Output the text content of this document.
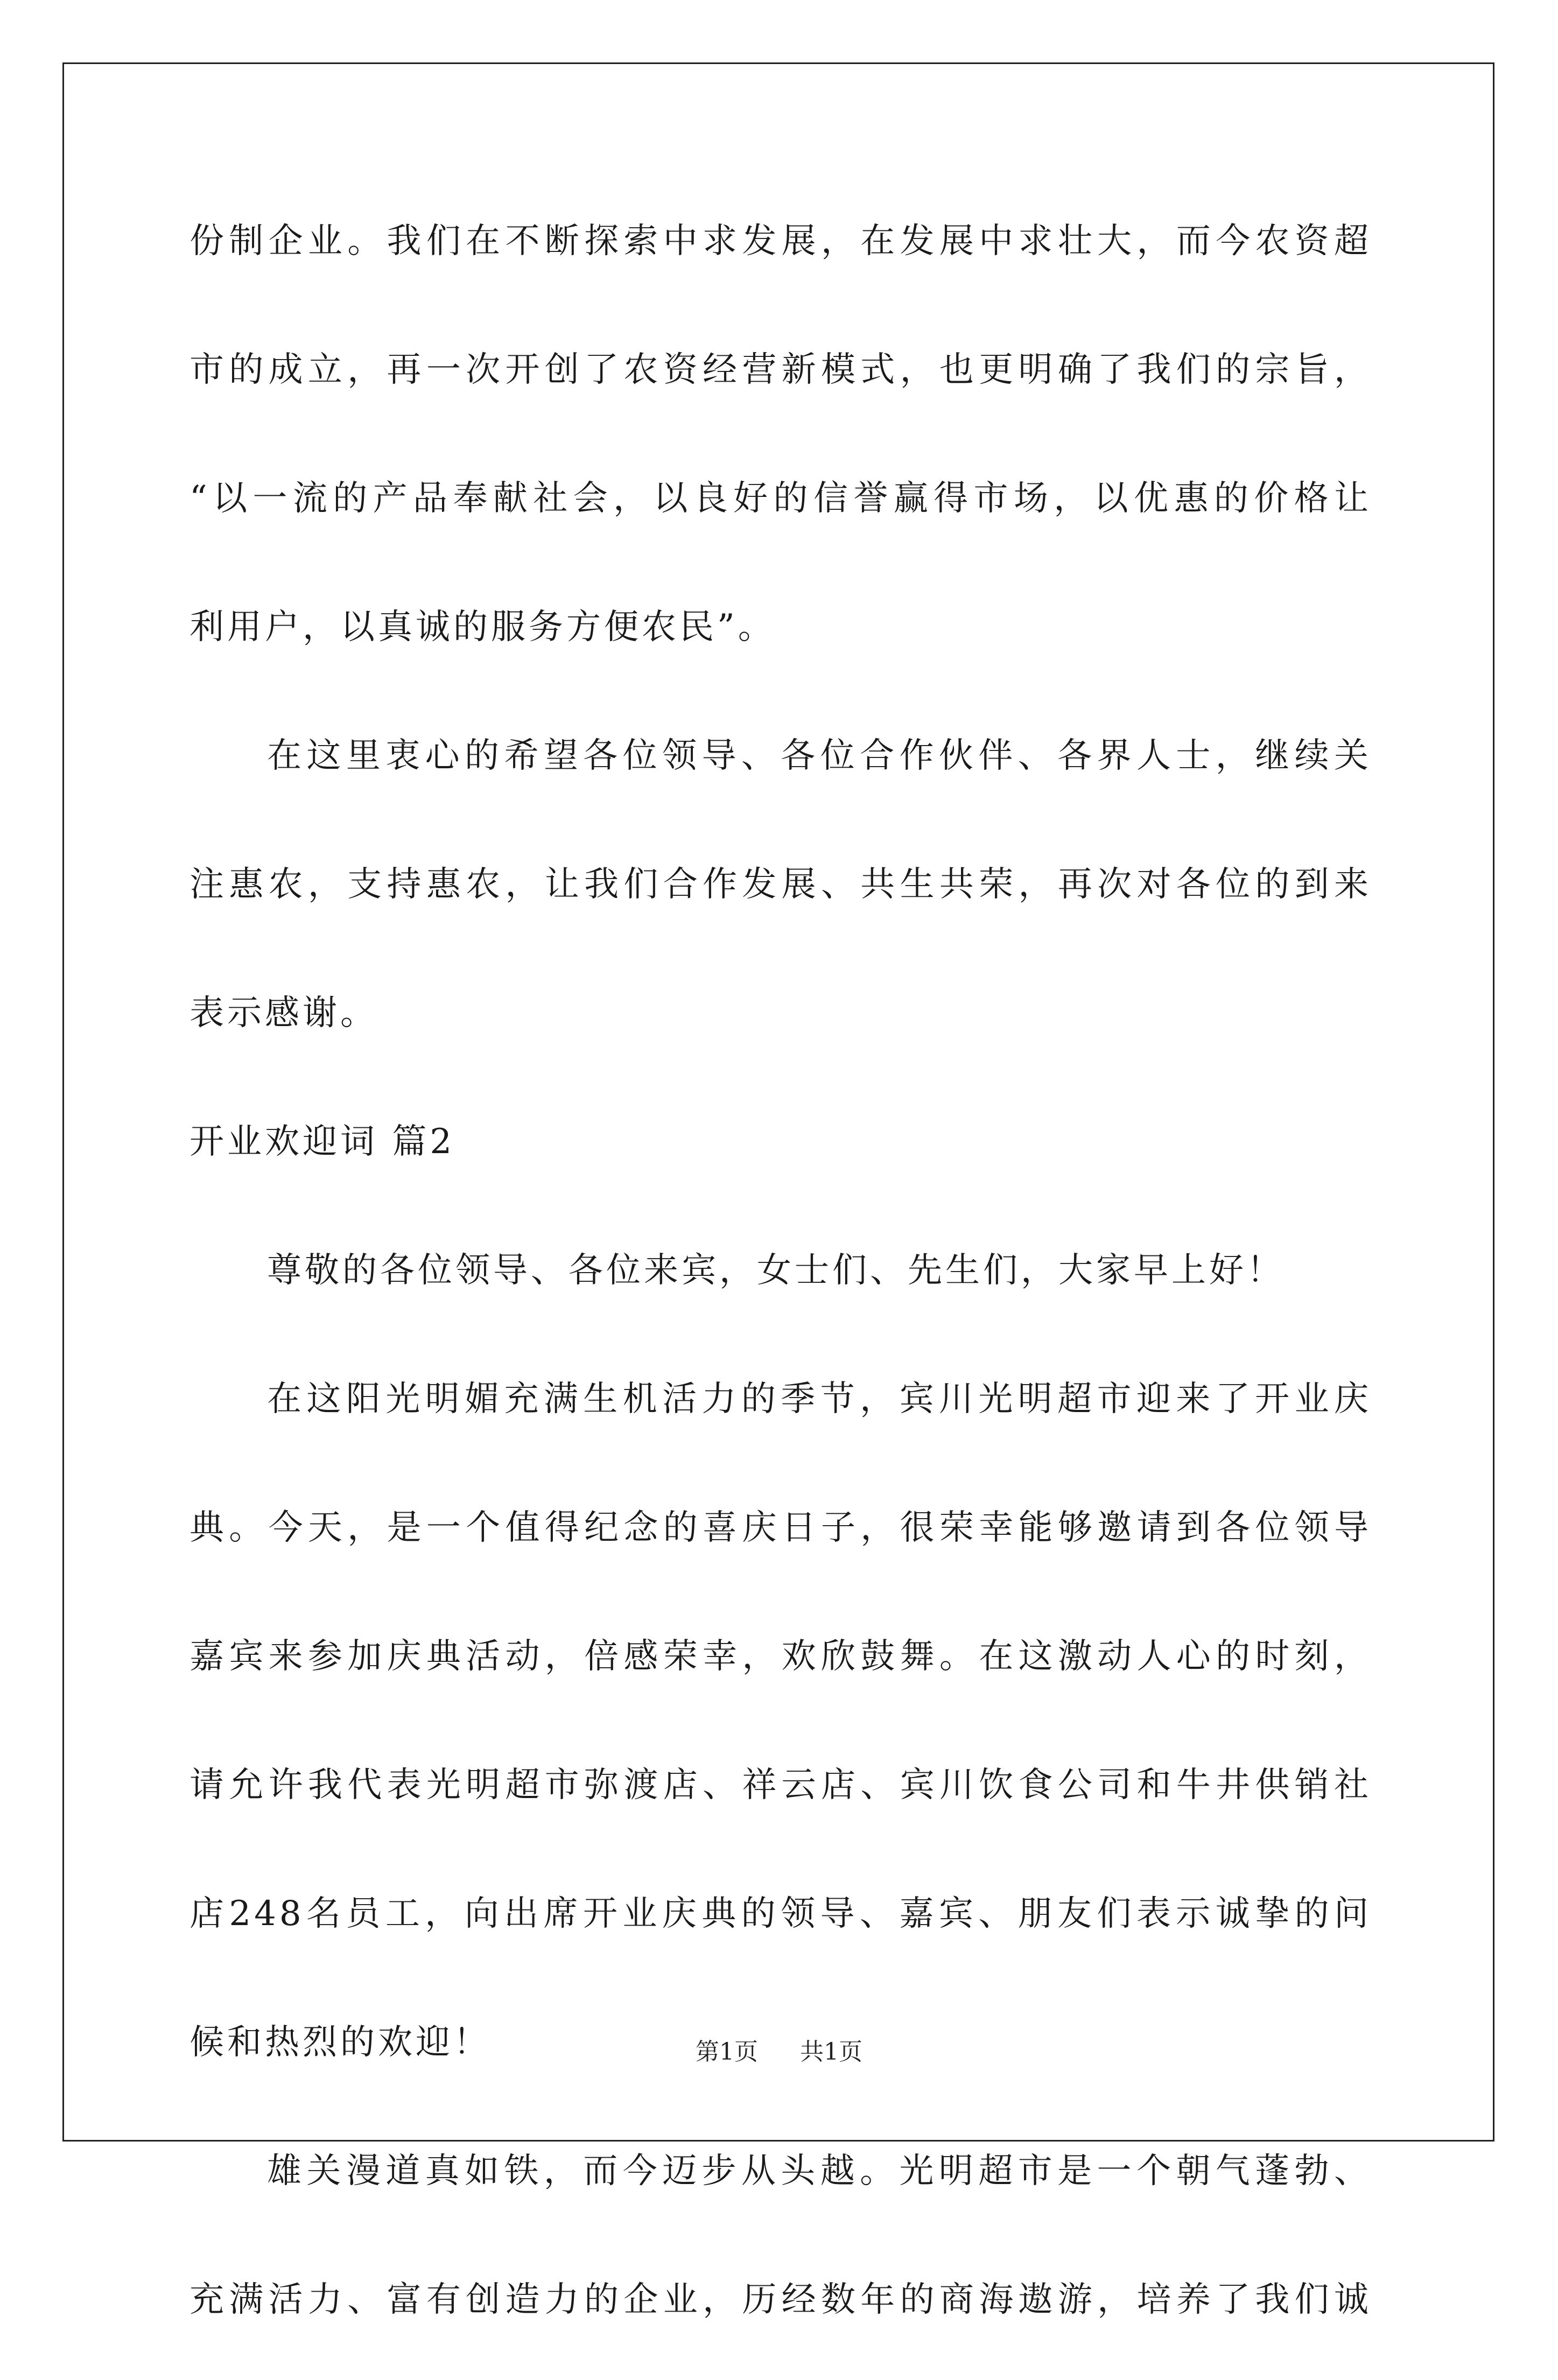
份制企业。我们在不断探索中求发展，在发展中求壮大，而今农资超
市的成立，再一次开创了农资经营新模式，也更明确了我们的宗旨，
“以一流的产品奉献社会，以良好的信誉赢得市场，以优惠的价格让
利用户，以真诚的服务方便农民”。
在这里衷心的希望各位领导、各位合作伙伴、各界人士，继续关
注惠农，支持惠农，让我们合作发展、共生共荣，再次对各位的到来
表示感谢。
开业欢迎词 篇2
尊敬的各位领导、各位来宾，女士们、先生们，大家早上好！
在这阳光明媚充满生机活力的季节，宾川光明超市迎来了开业庆
典。今天，是一个值得纪念的喜庆日子，很荣幸能够邀请到各位领导
嘉宾来参加庆典活动，倍感荣幸，欢欣鼓舞。在这激动人心的时刻，
请允许我代表光明超市弥渡店、祥云店、宾川饮食公司和牛井供销社
店248名员工，向出席开业庆典的领导、嘉宾、朋友们表示诚挚的问
候和热烈的欢迎！
雄关漫道真如铁，而今迈步从头越。光明超市是一个朝气蓬勃、
充满活力、富有创造力的企业，历经数年的商海遨游，培养了我们诚
第1页 共1页
